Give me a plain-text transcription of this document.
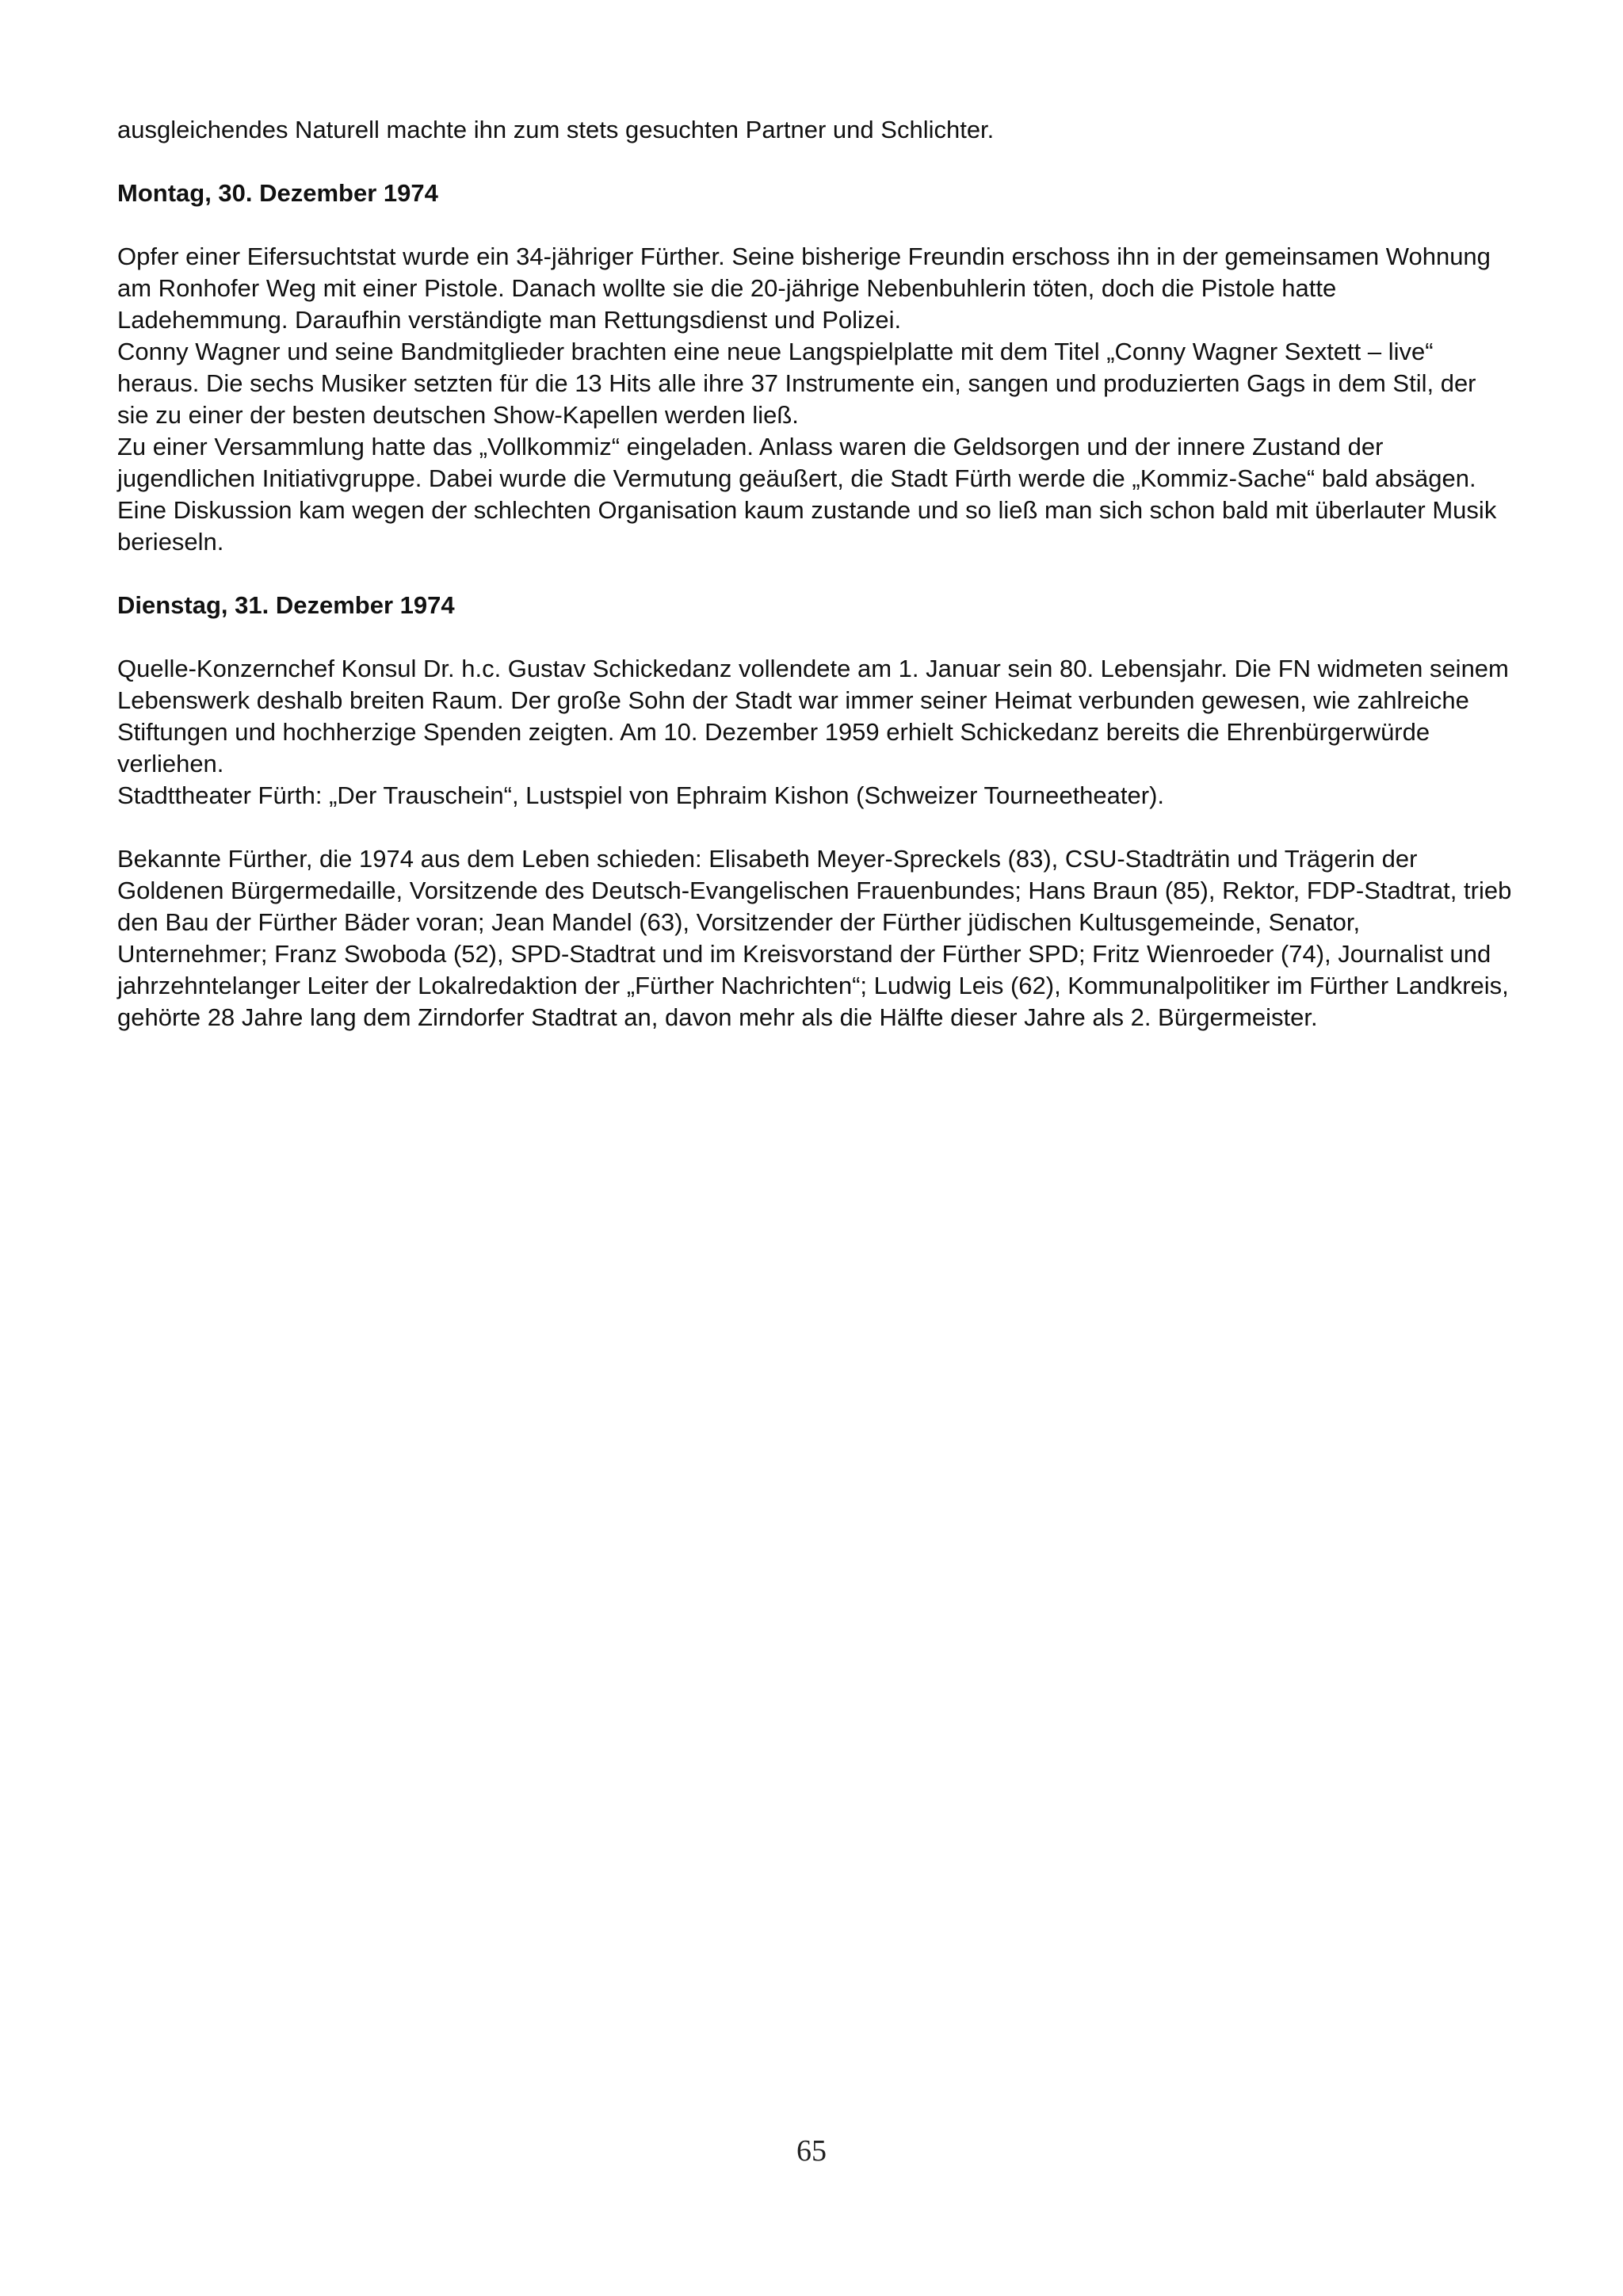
ausgleichendes Naturell machte ihn zum stets gesuchten Partner und Schlichter.

Montag, 30. Dezember 1974

Opfer einer Eifersuchtstat wurde ein 34-jähriger Fürther. Seine bisherige Freundin erschoss ihn in der gemeinsamen Wohnung am Ronhofer Weg mit einer Pistole. Danach wollte sie die 20-jährige Nebenbuhlerin töten, doch die Pistole hatte Ladehemmung. Daraufhin verständigte man Rettungsdienst und Polizei.

Conny Wagner und seine Bandmitglieder brachten eine neue Langspielplatte mit dem Titel „Conny Wagner Sextett – live“ heraus. Die sechs Musiker setzten für die 13 Hits alle ihre 37 Instrumente ein, sangen und produzierten Gags in dem Stil, der sie zu einer der besten deutschen Show-Kapellen werden ließ.

Zu einer Versammlung hatte das „Vollkommiz“ eingeladen. Anlass waren die Geldsorgen und der innere Zustand der jugendlichen Initiativgruppe. Dabei wurde die Vermutung geäußert, die Stadt Fürth werde die „Kommiz-Sache“ bald absägen. Eine Diskussion kam wegen der schlechten Organisation kaum zustande und so ließ man sich schon bald mit überlauter Musik berieseln.

Dienstag, 31. Dezember 1974

Quelle-Konzernchef Konsul Dr. h.c. Gustav Schickedanz vollendete am 1. Januar sein 80. Lebensjahr. Die FN widmeten seinem Lebenswerk deshalb breiten Raum. Der große Sohn der Stadt war immer seiner Heimat verbunden gewesen, wie zahlreiche Stiftungen und hochherzige Spenden zeigten. Am 10. Dezember 1959 erhielt Schickedanz bereits die Ehrenbürgerwürde verliehen.

Stadttheater Fürth: „Der Trauschein“, Lustspiel von Ephraim Kishon (Schweizer Tourneetheater).

Bekannte Fürther, die 1974 aus dem Leben schieden: Elisabeth Meyer-Spreckels (83), CSU-Stadträtin und Trägerin der Goldenen Bürgermedaille, Vorsitzende des Deutsch-Evangelischen Frauenbundes; Hans Braun (85), Rektor, FDP-Stadtrat, trieb den Bau der Fürther Bäder voran; Jean Mandel (63), Vorsitzender der Fürther jüdischen Kultusgemeinde, Senator, Unternehmer; Franz Swoboda (52), SPD-Stadtrat und im Kreisvorstand der Fürther SPD; Fritz Wienroeder (74), Journalist und jahrzehntelanger Leiter der Lokalredaktion der „Fürther Nachrichten“; Ludwig Leis (62), Kommunalpolitiker im Fürther Landkreis, gehörte 28 Jahre lang dem Zirndorfer Stadtrat an, davon mehr als die Hälfte dieser Jahre als 2. Bürgermeister.

65
